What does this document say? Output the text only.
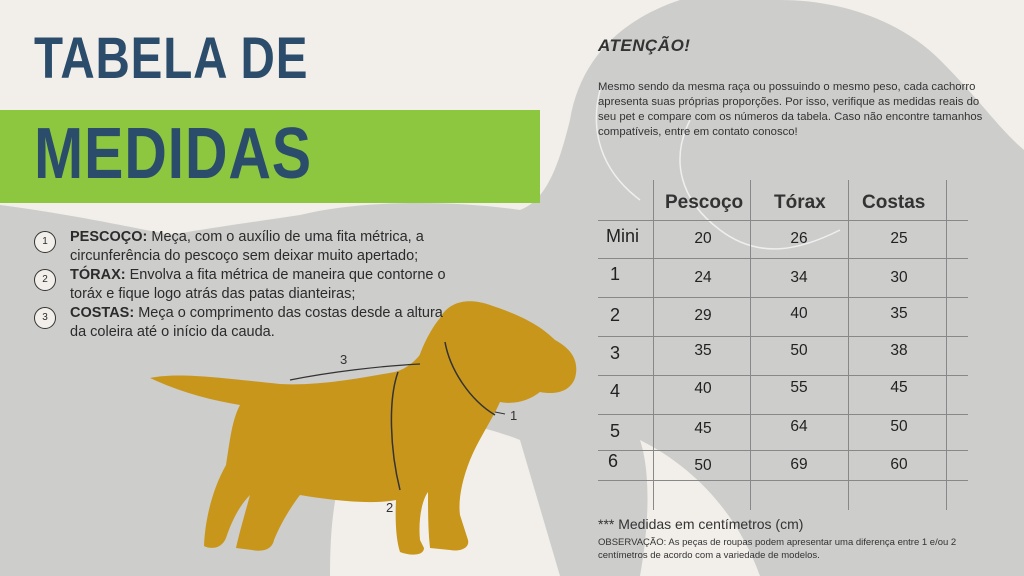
TABELA DE
MEDIDAS
1	PESCOÇO: Meça, com o auxílio de uma fita métrica, a circunferência do pescoço sem deixar muito apertado;
2	TÓRAX: Envolva a fita métrica de maneira que contorne o toráx e fique logo atrás das patas dianteiras;
3	COSTAS: Meça o comprimento das costas desde a altura da coleira até o início da cauda.
1
2
3
ATENÇÃO!
Mesmo sendo da mesma raça ou possuindo o mesmo peso, cada cachorro apresenta suas próprias proporções. Por isso, verifique as medidas reais do seu pet e compare com os números da tabela. Caso não encontre tamanhos compatíveis, entre em contato conosco!
Pescoço Tórax Costas
Mini	20	26	25
1	24	34	30
2	29	40	35
3	35	50	38
4	40	55	45
5	45	64	50
6	50	69	60
*** Medidas em centímetros (cm)
OBSERVAÇÃO: As peças de roupas podem apresentar uma diferença entre 1 e/ou 2 centímetros de acordo com a variedade de modelos.
